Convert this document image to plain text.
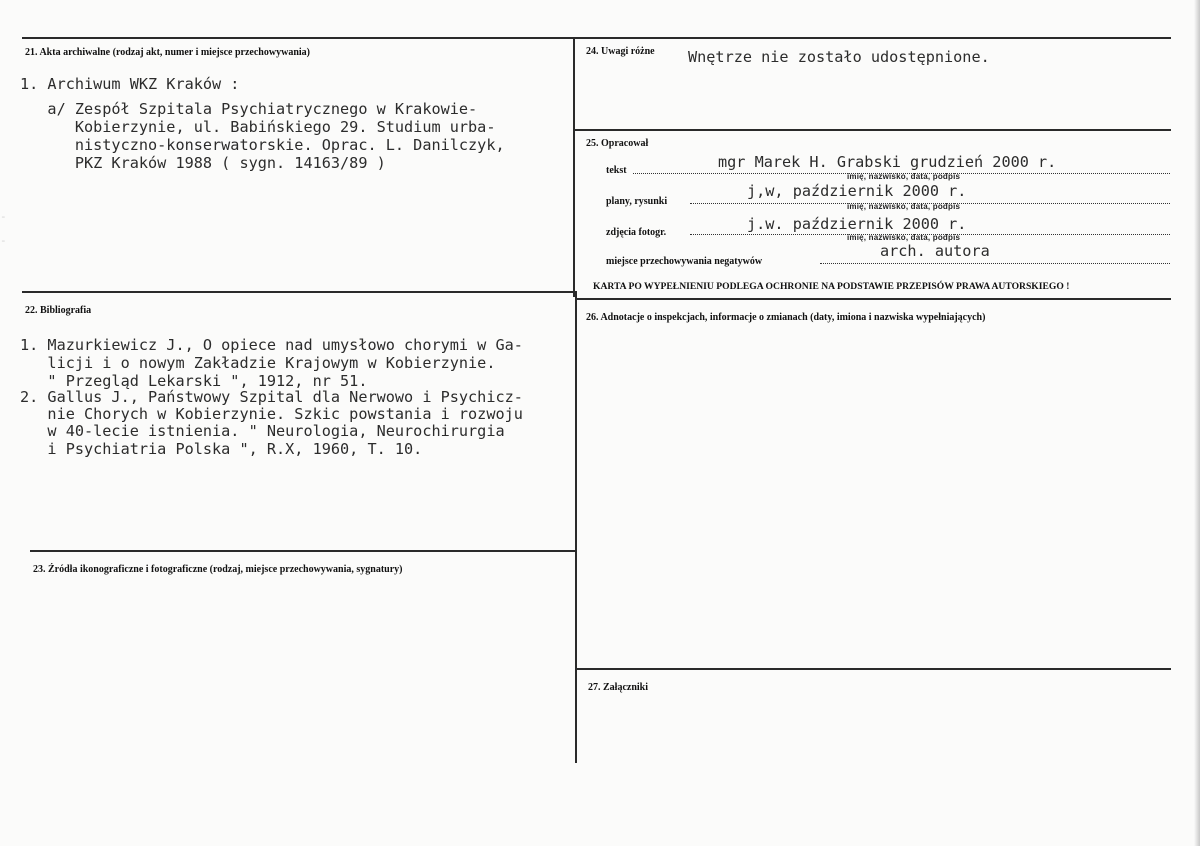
-
-
21. Akta archiwalne (rodzaj akt, numer i miejsce przechowywania)
1. Archiwum WKZ Kraków :
a/ Zespół Szpitala Psychiatrycznego w Krakowie-
Kobierzynie, ul. Babińskiego 29. Studium urba-
nistyczno-konserwatorskie. Oprac. L. Danilczyk,
PKZ Kraków 1988 ( sygn. 14163/89 )
22. Bibliografia
1. Mazurkiewicz J., O opiece nad umysłowo chorymi w Ga-
licji i o nowym Zakładzie Krajowym w Kobierzynie.
" Przegląd Lekarski ", 1912, nr 51.
2. Gallus J., Państwowy Szpital dla Nerwowo i Psychicz-
nie Chorych w Kobierzynie. Szkic powstania i rozwoju
w 40-lecie istnienia. " Neurologia, Neurochirurgia
i Psychiatria Polska ", R.X, 1960, T. 10.
23. Źródła ikonograficzne i fotograficzne (rodzaj, miejsce przechowywania, sygnatury)
24. Uwagi różne Wnętrze nie zostało udostępnione.
25. Opracował
tekst	mgr Marek H. Grabski grudzień 2000 r.
imię, nazwisko, data, podpis
plany, rysunki
j,w, październik 2000 r.
imię, nazwisko, data, podpis
zdjęcia fotogr.	j.w. październik 2000 r.
imię, nazwisko, data, podpis
miejsce przechowywania negatywów
arch. autora
KARTA PO WYPEŁNIENIU PODLEGA OCHRONIE NA PODSTAWIE PRZEPISÓW PRAWA AUTORSKIEGO !
26. Adnotacje o inspekcjach, informacje o zmianach (daty, imiona i nazwiska wypełniających)
27. Załączniki
